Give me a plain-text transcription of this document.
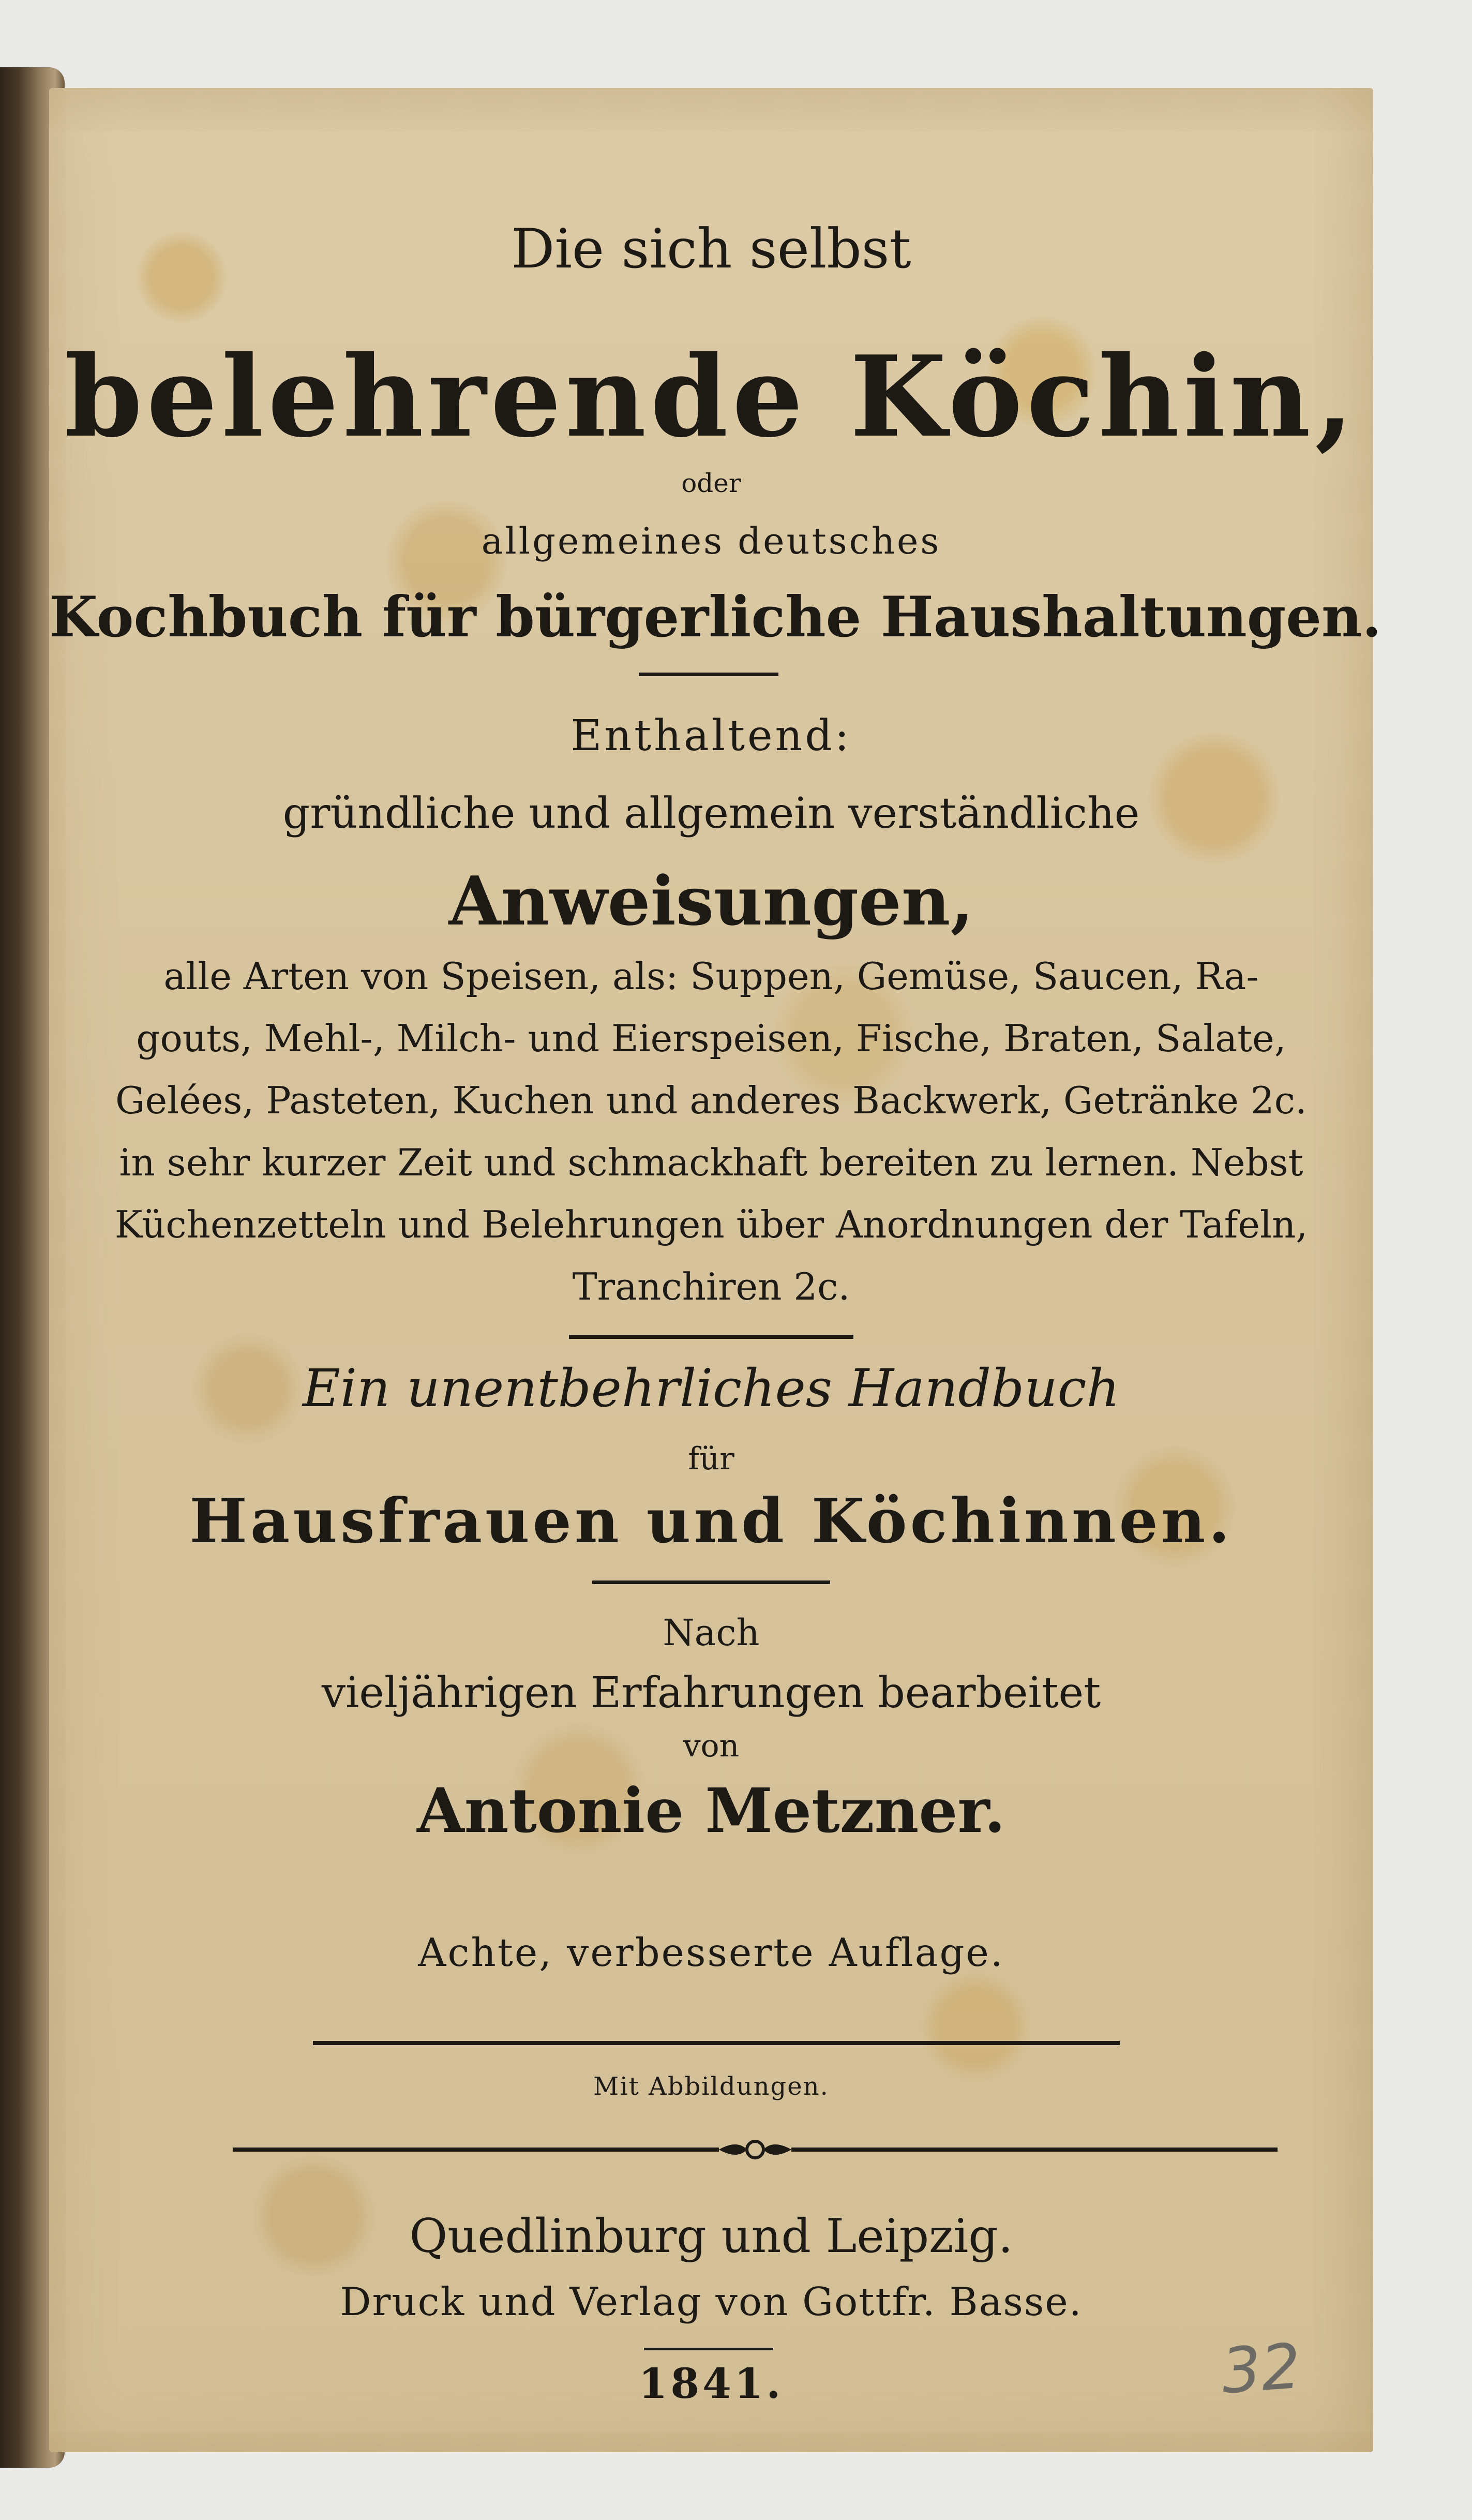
Die sich selbst
belehrende Köchin,
oder
allgemeines deutsches
Kochbuch für bürgerliche Haushaltungen.
Enthaltend:
gründliche und allgemein verständliche
Anweisungen,
alle Arten von Speisen, als: Suppen, Gemüse, Saucen, Ra-
gouts, Mehl-, Milch- und Eierspeisen, Fische, Braten, Salate,
Gelées, Pasteten, Kuchen und anderes Backwerk, Getränke 2c.
in sehr kurzer Zeit und schmackhaft bereiten zu lernen. Nebst
Küchenzetteln und Belehrungen über Anordnungen der Tafeln,
Tranchiren 2c.
Ein unentbehrliches Handbuch
für
Hausfrauen und Köchinnen.
Nach
vieljährigen Erfahrungen bearbeitet
von
Antonie Metzner.
Achte, verbesserte Auflage.
Mit Abbildungen.
Quedlinburg und Leipzig.
Druck und Verlag von Gottfr. Basse.
1841.	32
